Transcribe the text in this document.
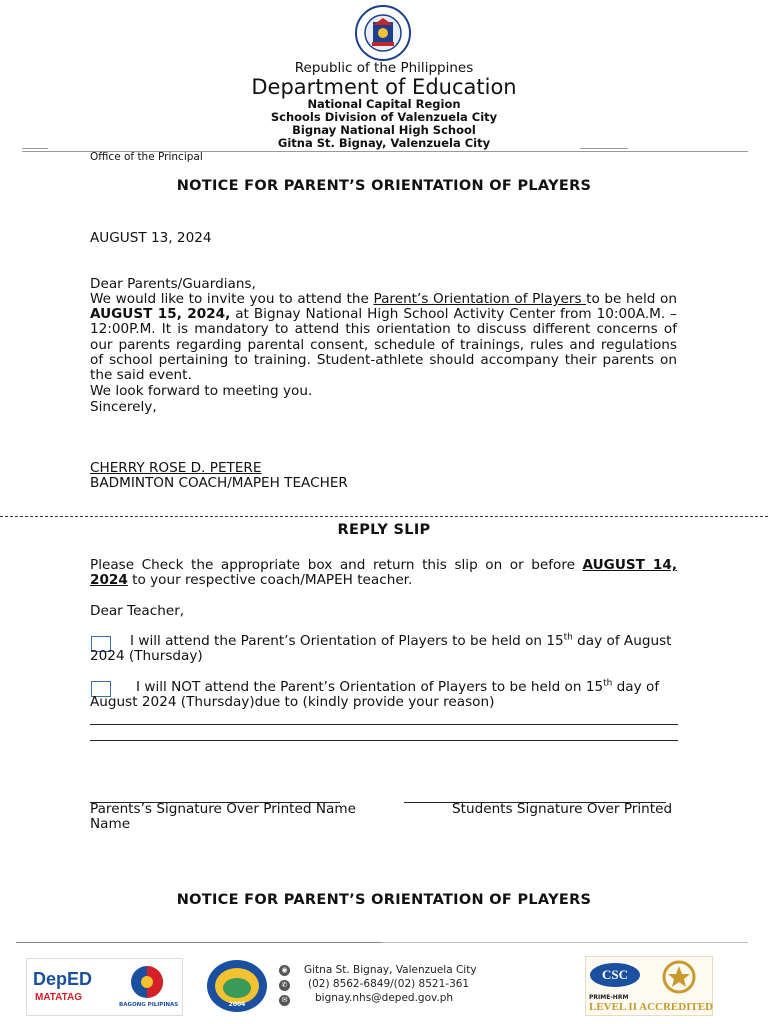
Republic of the Philippines
Department of Education
National Capital Region
Schools Division of Valenzuela City
Bignay National High School
Gitna St. Bignay, Valenzuela City
Office of the Principal
NOTICE FOR PARENT’S ORIENTATION OF PLAYERS
AUGUST 13, 2024
Dear Parents/Guardians,
We would like to invite you to attend the Parent’s Orientation of Players to be held on AUGUST 15, 2024, at Bignay National High School Activity Center from 10:00A.M. – 12:00P.M. It is mandatory to attend this orientation to discuss different concerns of our parents regarding parental consent, schedule of trainings, rules and regulations of school pertaining to training. Student-athlete should accompany their parents on the said event.
We look forward to meeting you.
Sincerely,
CHERRY ROSE D. PETERE
BADMINTON COACH/MAPEH TEACHER
REPLY SLIP
Please Check the appropriate box and return this slip on or before AUGUST 14, 2024 to your respective coach/MAPEH teacher.
Dear Teacher,
I will attend the Parent’s Orientation of Players to be held on 15th day of August 2024 (Thursday)
I will NOT attend the Parent’s Orientation of Players to be held on 15th day of August 2024 (Thursday)due to (kindly provide your reason)
Parents’s Signature Over Printed Name	Students Signature Over Printed
Name
NOTICE FOR PARENT’S ORIENTATION OF PLAYERS
DepED
MATATAG
BAGONG PILIPINAS	2004
◉
✆
✉
Gitna St. Bignay, Valenzuela City
(02) 8562-6849/(02) 8521-361
bignay.nhs@deped.gov.ph
CSC
PRIME-HRM
LEVEL II ACCREDITED
